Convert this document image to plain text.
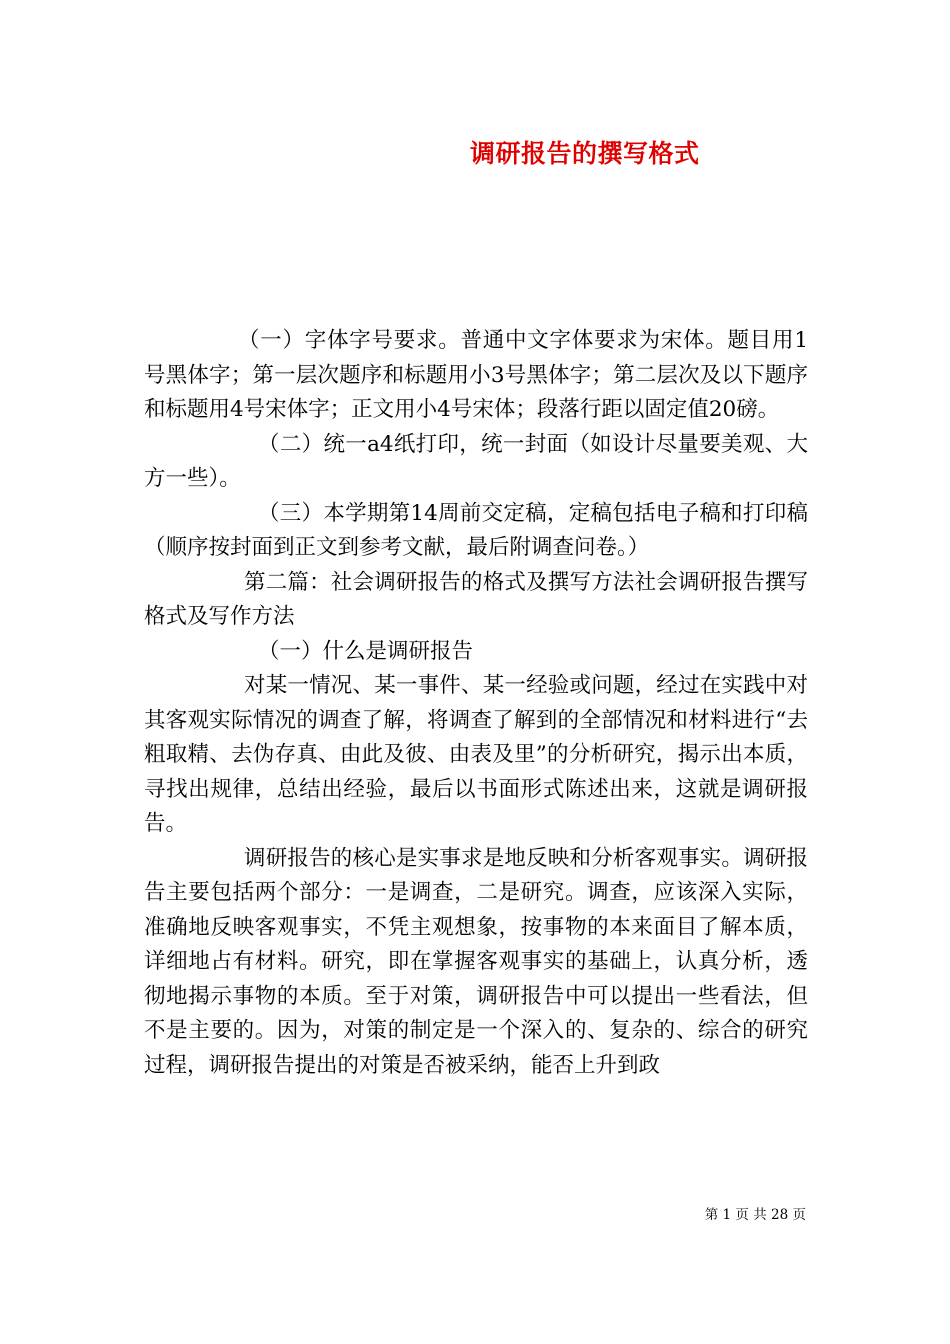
调研报告的撰写格式

（一）字体字号要求。普通中文字体要求为宋体。题目用1号黑体字；第一层次题序和标题用小3号黑体字；第二层次及以下题序和标题用4号宋体字；正文用小4号宋体；段落行距以固定值20磅。

（二）统一a4纸打印，统一封面（如设计尽量要美观、大方一些）。

（三）本学期第14周前交定稿，定稿包括电子稿和打印稿（顺序按封面到正文到参考文献，最后附调查问卷。）

第二篇：社会调研报告的格式及撰写方法社会调研报告撰写格式及写作方法

（一）什么是调研报告

对某一情况、某一事件、某一经验或问题，经过在实践中对其客观实际情况的调查了解，将调查了解到的全部情况和材料进行“去粗取精、去伪存真、由此及彼、由表及里”的分析研究，揭示出本质，寻找出规律，总结出经验，最后以书面形式陈述出来，这就是调研报告。

调研报告的核心是实事求是地反映和分析客观事实。调研报告主要包括两个部分：一是调查，二是研究。调查，应该深入实际，准确地反映客观事实，不凭主观想象，按事物的本来面目了解本质，详细地占有材料。研究，即在掌握客观事实的基础上，认真分析，透彻地揭示事物的本质。至于对策，调研报告中可以提出一些看法，但不是主要的。因为，对策的制定是一个深入的、复杂的、综合的研究过程，调研报告提出的对策是否被采纳，能否上升到政

第 1 页 共 28 页
